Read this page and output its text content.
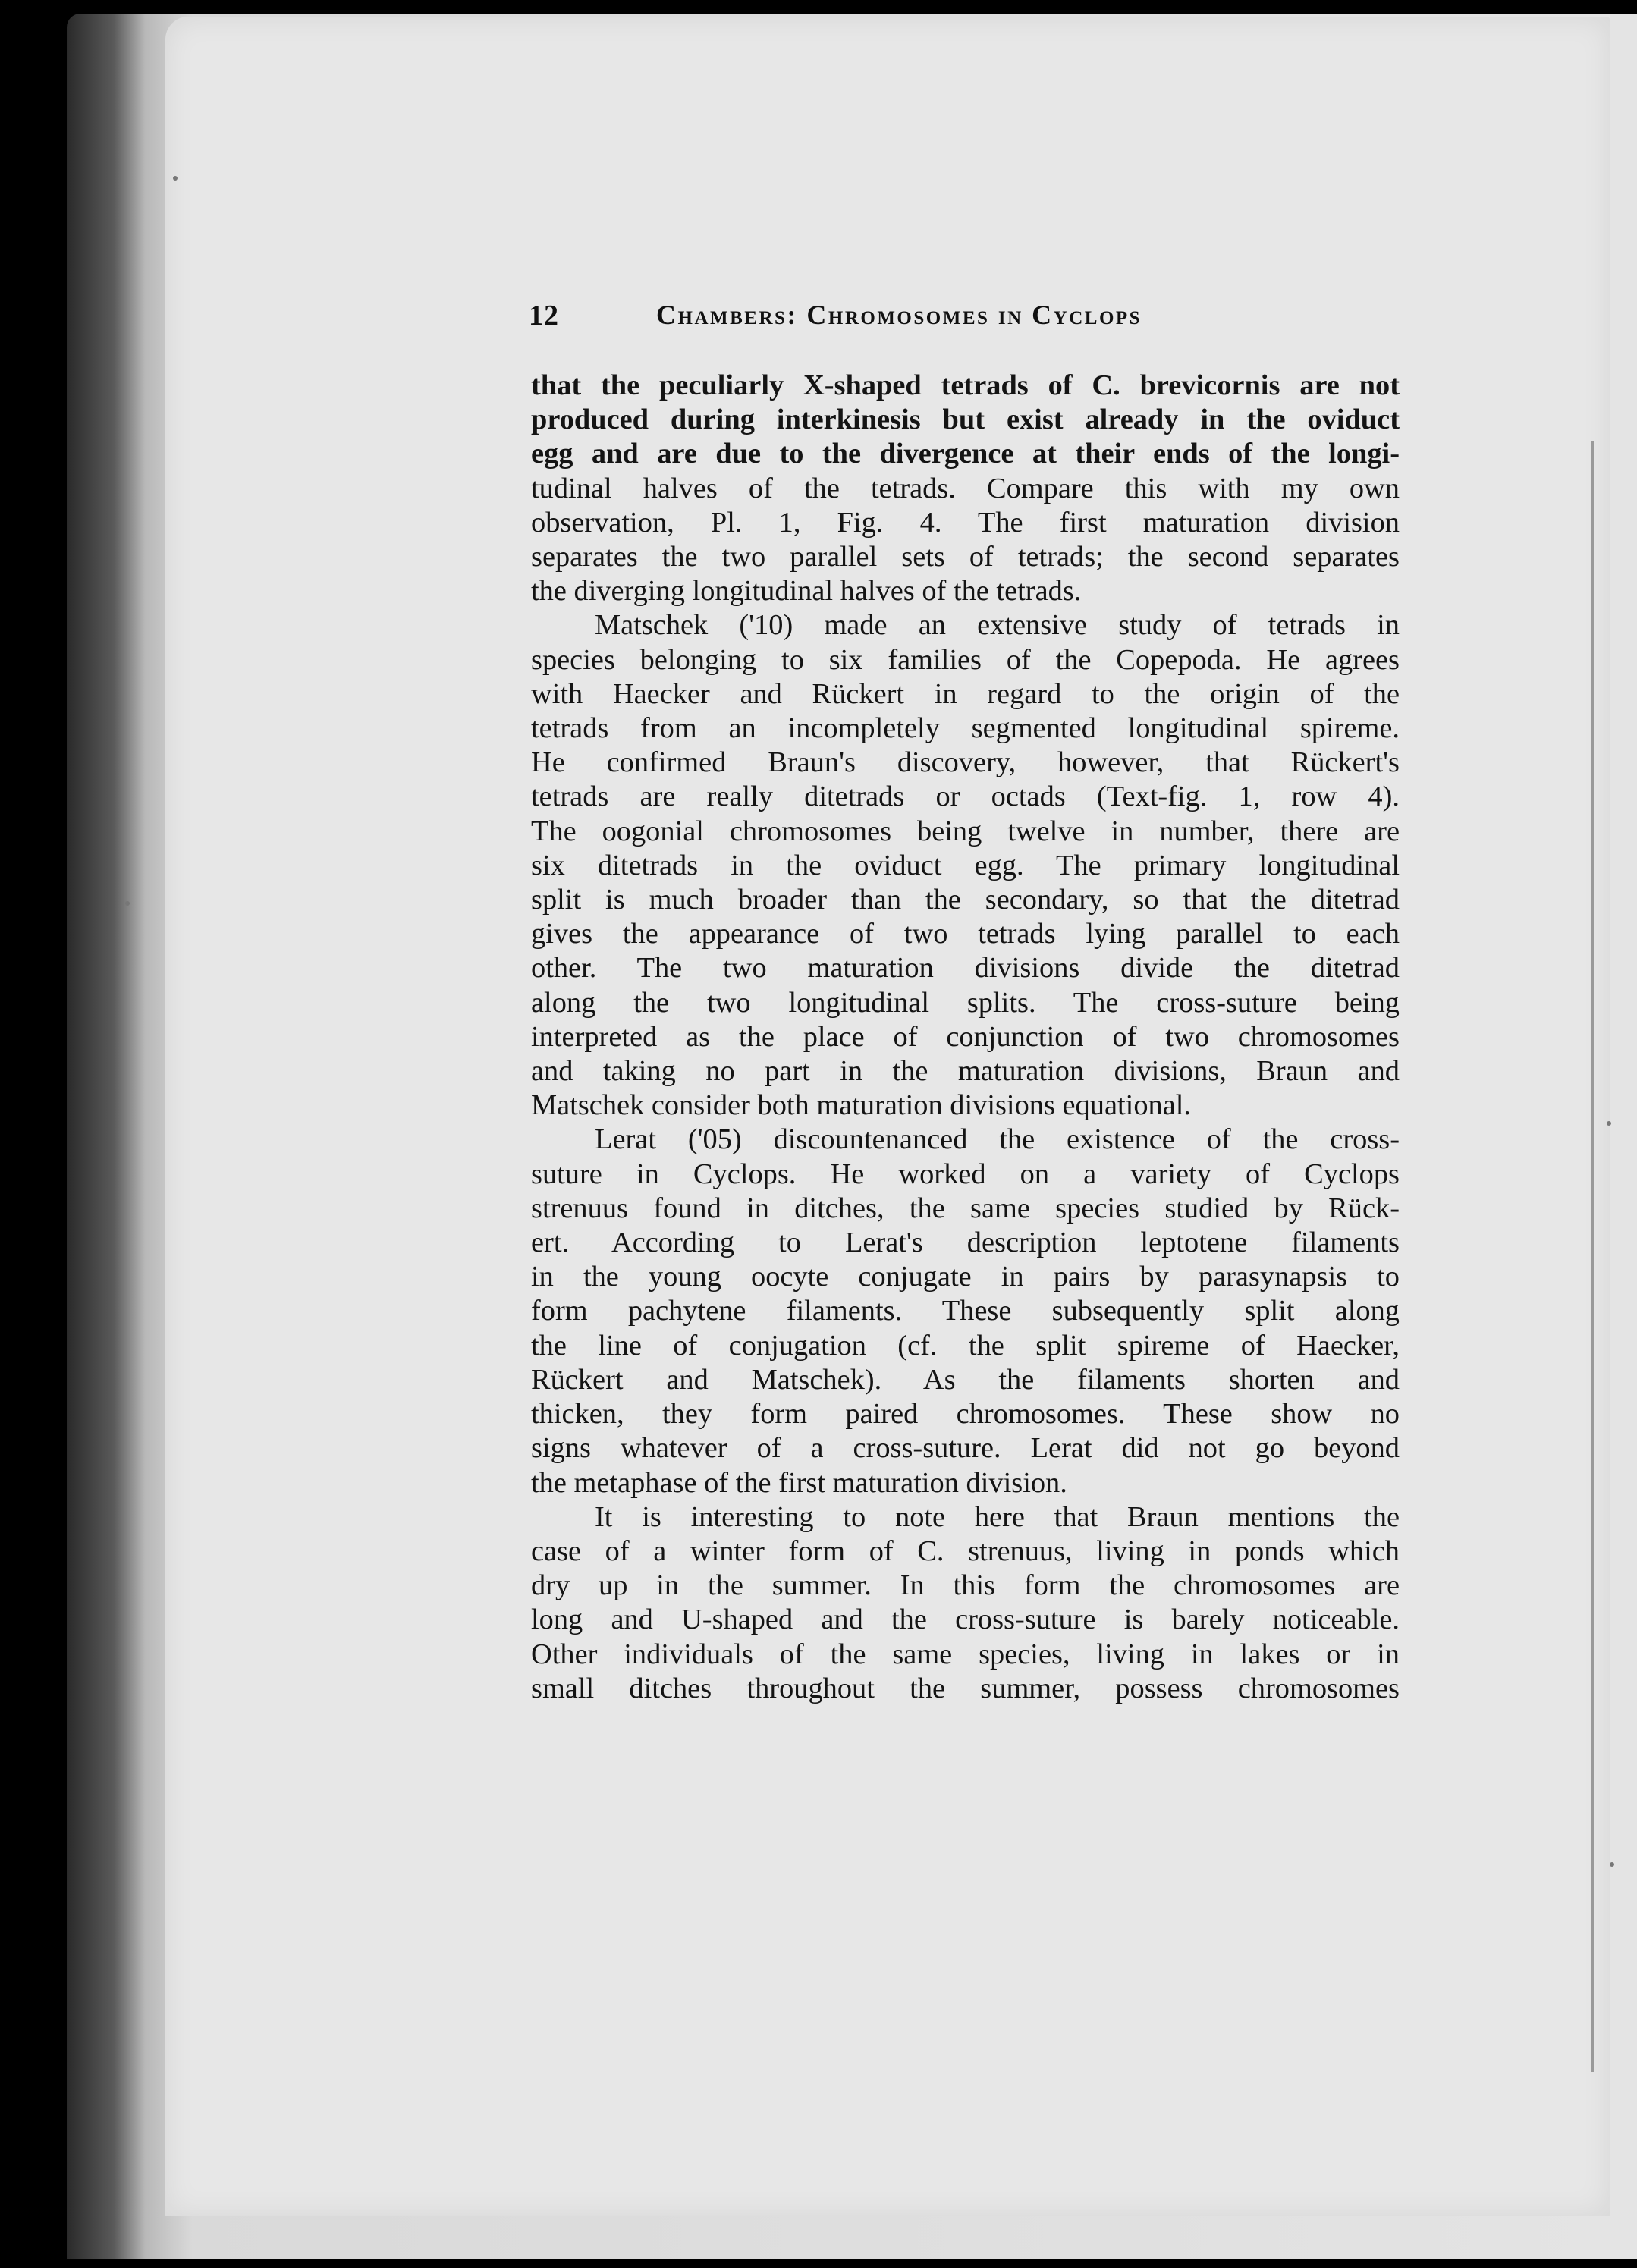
12	Chambers: Chromosomes in Cyclops
that the peculiarly X-shaped tetrads of C. brevicornis are not
produced during interkinesis but exist already in the oviduct
egg and are due to the divergence at their ends of the longi-
tudinal halves of the tetrads. Compare this with my own
observation, Pl. 1, Fig. 4. The first maturation division
separates the two parallel sets of tetrads; the second separates
the diverging longitudinal halves of the tetrads.
Matschek ('10) made an extensive study of tetrads in
species belonging to six families of the Copepoda. He agrees
with Haecker and Rückert in regard to the origin of the
tetrads from an incompletely segmented longitudinal spireme.
He confirmed Braun's discovery, however, that Rückert's
tetrads are really ditetrads or octads (Text-fig. 1, row 4).
The oogonial chromosomes being twelve in number, there are
six ditetrads in the oviduct egg. The primary longitudinal
split is much broader than the secondary, so that the ditetrad
gives the appearance of two tetrads lying parallel to each
other. The two maturation divisions divide the ditetrad
along the two longitudinal splits. The cross-suture being
interpreted as the place of conjunction of two chromosomes
and taking no part in the maturation divisions, Braun and
Matschek consider both maturation divisions equational.
Lerat ('05) discountenanced the existence of the cross-
suture in Cyclops. He worked on a variety of Cyclops
strenuus found in ditches, the same species studied by Rück-
ert. According to Lerat's description leptotene filaments
in the young oocyte conjugate in pairs by parasynapsis to
form pachytene filaments. These subsequently split along
the line of conjugation (cf. the split spireme of Haecker,
Rückert and Matschek). As the filaments shorten and
thicken, they form paired chromosomes. These show no
signs whatever of a cross-suture. Lerat did not go beyond
the metaphase of the first maturation division.
It is interesting to note here that Braun mentions the
case of a winter form of C. strenuus, living in ponds which
dry up in the summer. In this form the chromosomes are
long and U-shaped and the cross-suture is barely noticeable.
Other individuals of the same species, living in lakes or in
small ditches throughout the summer, possess chromosomes
